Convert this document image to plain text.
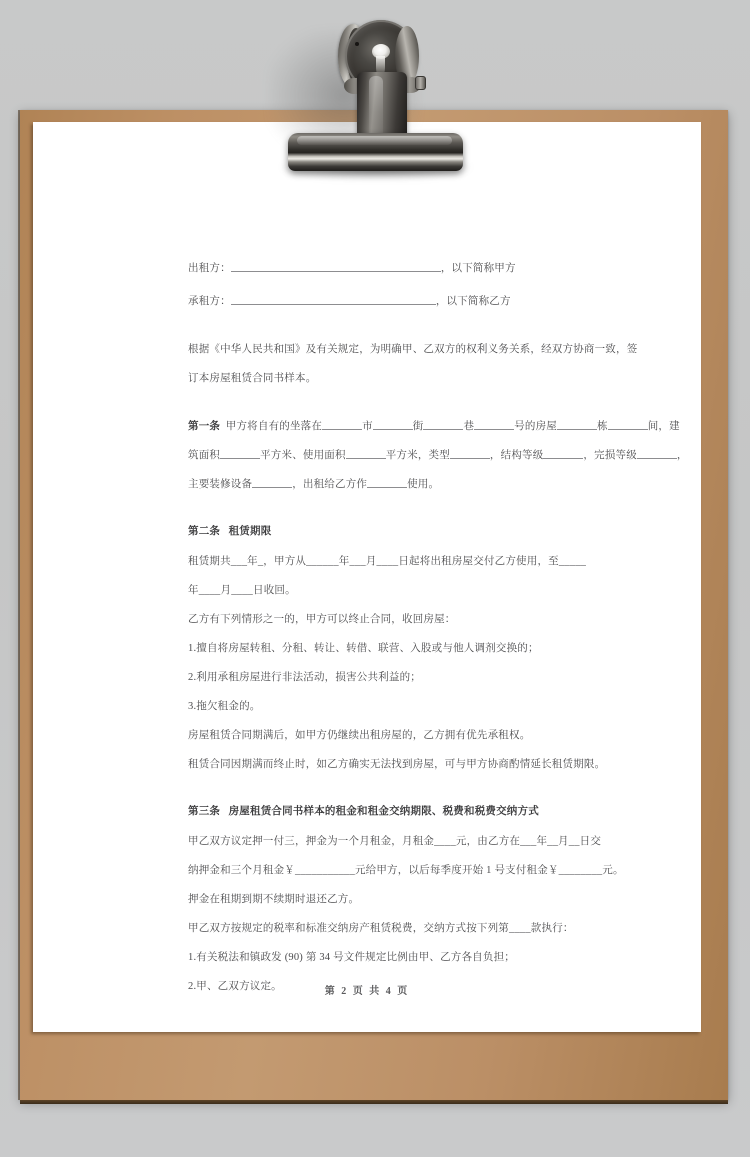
出租方：	，以下简称甲方
承租方：	，以下简称乙方
根据《中华人民共和国》及有关规定，为明确甲、乙双方的权利义务关系，经双方协商一致，签
订本房屋租赁合同书样本。
第一条 甲方将自有的坐落在	市	街	巷	号的房屋	栋	间，建
筑面积	平方米、使用面积	平方米，类型	，结构等级	，完损等级	，
主要装修设备	，出租给乙方作	使用。
第二条 租赁期限
租赁期共___年_，甲方从______年___月____日起将出租房屋交付乙方使用，至_____
年____月____日收回。
乙方有下列情形之一的，甲方可以终止合同，收回房屋：
1.擅自将房屋转租、分租、转让、转借、联营、入股或与他人调剂交换的；
2.利用承租房屋进行非法活动，损害公共利益的；
3.拖欠租金的。
房屋租赁合同期满后，如甲方仍继续出租房屋的，乙方拥有优先承租权。
租赁合同因期满而终止时，如乙方确实无法找到房屋，可与甲方协商酌情延长租赁期限。
第三条 房屋租赁合同书样本的租金和租金交纳期限、税费和税费交纳方式
甲乙双方议定押一付三，押金为一个月租金，月租金____元，由乙方在___年__月__日交
纳押金和三个月租金￥___________元给甲方，以后每季度开始 1 号支付租金￥________元。
押金在租期到期不续期时退还乙方。
甲乙双方按规定的税率和标准交纳房产租赁税费，交纳方式按下列第____款执行：
1.有关税法和镇政发 (90) 第 34 号文件规定比例由甲、乙方各自负担；
2.甲、乙双方议定。	第 2 页 共 4 页
